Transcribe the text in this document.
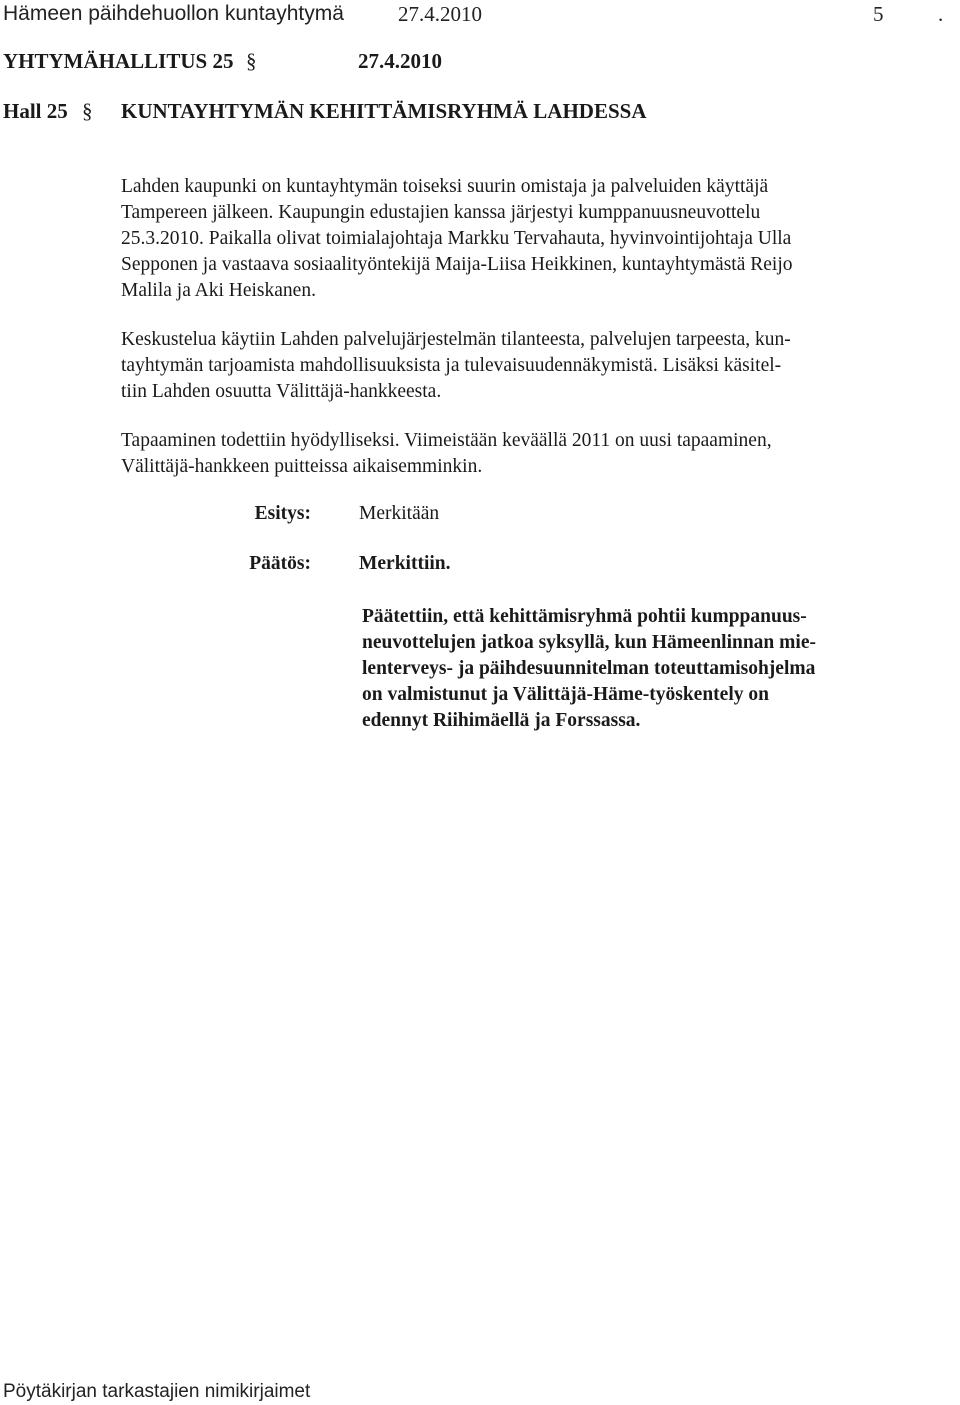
Hämeen päihdehuollon kuntayhtymä	27.4.2010	5	.
YHTYMÄHALLITUS 25 §	27.4.2010
Hall 25 § KUNTAYHTYMÄN KEHITTÄMISRYHMÄ LAHDESSA
Lahden kaupunki on kuntayhtymän toiseksi suurin omistaja ja palveluiden käyttäjä
Tampereen jälkeen. Kaupungin edustajien kanssa järjestyi kumppanuusneuvottelu
25.3.2010. Paikalla olivat toimialajohtaja Markku Tervahauta, hyvinvointijohtaja Ulla
Sepponen ja vastaava sosiaalityöntekijä Maija-Liisa Heikkinen, kuntayhtymästä Reijo
Malila ja Aki Heiskanen.
Keskustelua käytiin Lahden palvelujärjestelmän tilanteesta, palvelujen tarpeesta, kun-
tayhtymän tarjoamista mahdollisuuksista ja tulevaisuudennäkymistä. Lisäksi käsitel-
tiin Lahden osuutta Välittäjä-hankkeesta.
Tapaaminen todettiin hyödylliseksi. Viimeistään keväällä 2011 on uusi tapaaminen,
Välittäjä-hankkeen puitteissa aikaisemminkin.
Esitys: Merkitään
Päätös: Merkittiin.
Päätettiin, että kehittämisryhmä pohtii kumppanuus-
neuvottelujen jatkoa syksyllä, kun Hämeenlinnan mie-
lenterveys- ja päihdesuunnitelman toteuttamisohjelma
on valmistunut ja Välittäjä-Häme-työskentely on
edennyt Riihimäellä ja Forssassa.
Pöytäkirjan tarkastajien nimikirjaimet
